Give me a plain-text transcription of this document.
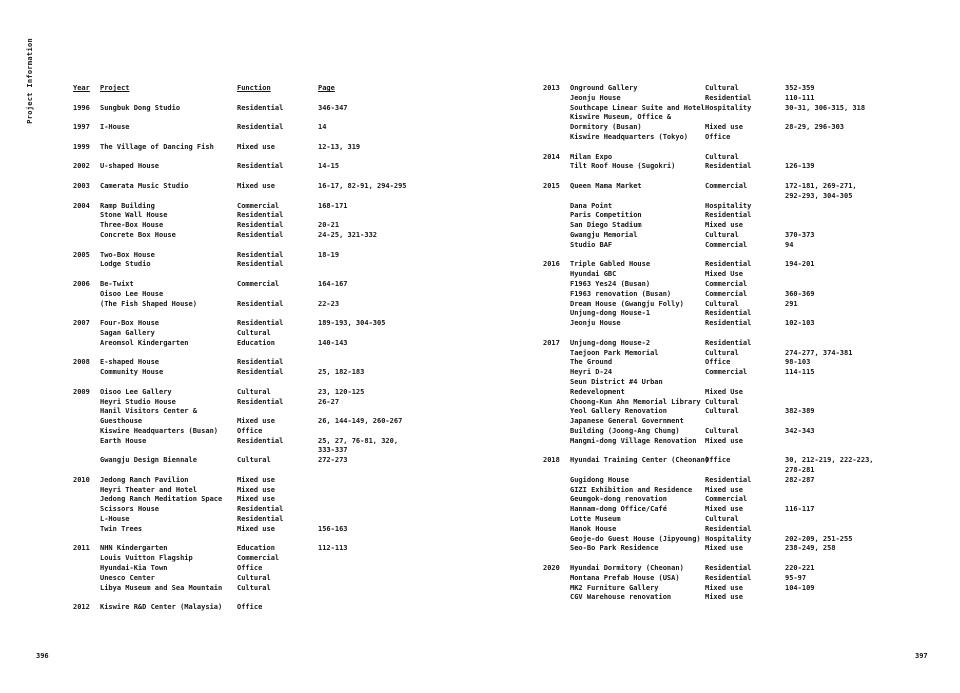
Project Information	Year	Project	Function	Page
1996	Sungbuk Dong Studio	Residential	346-347
1997	I-House	Residential	14
1999	The Village of Dancing Fish	Mixed use	12-13, 319
2002	U-shaped House	Residential	14-15
2003	Camerata Music Studio	Mixed use	16-17, 82-91, 294-295
2004	Ramp Building	Commercial	168-171
Stone Wall House	Residential
Three-Box House	Residential	20-21
Concrete Box House	Residential	24-25, 321-332
2005	Two-Box House	Residential	18-19
Lodge Studio	Residential
2006	Be-Twixt	Commercial	164-167
Oisoo Lee House
(The Fish Shaped House)	Residential	22-23
2007	Four-Box House	Residential	189-193, 304-305
Sagan Gallery	Cultural
Areomsol Kindergarten	Education	140-143
2008	E-shaped House	Residential
Community House	Residential	25, 182-183
2009	Oisoo Lee Gallery	Cultural	23, 120-125
Heyri Studio House	Residential	26-27
Hanil Visitors Center &
Guesthouse	Mixed use	26, 144-149, 260-267
Kiswire Headquarters (Busan)	Office
Earth House	Residential	25, 27, 76-81, 320,
333-337
Gwangju Design Biennale	Cultural	272-273
2010	Jedong Ranch Pavilion	Mixed use
Heyri Theater and Hotel	Mixed use
Jedong Ranch Meditation Space	Mixed use
Scissors House	Residential
L-House	Residential
Twin Trees	Mixed use	156-163
2011	NHN Kindergarten	Education	112-113
Louis Vuitton Flagship	Commercial
Hyundai-Kia Town	Office
Unesco Center	Cultural
Libya Museum and Sea Mountain	Cultural
2012	Kiswire R&D Center (Malaysia)	Office
2013	Onground Gallery	Cultural	352-359
Jeonju House	Residential	110-111
Southcape Linear Suite and Hotel Hospitality	30-31, 306-315, 318
Kiswire Museum, Office &
Dormitory (Busan)	Mixed use	28-29, 296-303
Kiswire Headquarters (Tokyo)	Office
2014	Milan Expo	Cultural
Tilt Roof House (Sugokri)	Residential	126-139
2015	Queen Mama Market	Commercial	172-181, 269-271,
292-293, 304-305
Dana Point	Hospitality
Paris Competition	Residential
San Diego Stadium	Mixed use
Gwangju Memorial	Cultural	370-373
Studio BAF	Commercial	94
2016	Triple Gabled House	Residential	194-201
Hyundai GBC	Mixed Use
F1963 Yes24 (Busan)	Commercial
F1963 renovation (Busan)	Commercial	360-369
Dream House (Gwangju Folly)	Cultural	291
Unjung-dong House-1	Residential
Jeonju House	Residential	102-103
2017	Unjung-dong House-2	Residential
Taejoon Park Memorial	Cultural	274-277, 374-381
The Ground	Office	98-103
Heyri D-24	Commercial	114-115
Seun District #4 Urban
Redevelopment	Mixed Use
Choong-Kun Ahn Memorial Library Cultural
Yeol Gallery Renovation	Cultural	382-389
Japanese General Government
Building (Joong-Ang Chung)	Cultural	342-343
Mangmi-dong Village Renovation	Mixed use
2018	Hyundai Training Center (Cheonan)
Office	30, 212-219, 222-223,
278-281
Gugidong House	Residential	282-287
GIZI Exhibition and Residence	Mixed use
Geumgok-dong renovation	Commercial
Hannam-dong Office/Café	Mixed use	116-117
Lotte Museum	Cultural
Hanok House	Residential
Geoje-do Guest House (Jipyoung) Hospitality	202-209, 251-255
Seo-Bo Park Residence	Mixed use	238-249, 258
2020	Hyundai Dormitory (Cheonan)	Residential	220-221
Montana Prefab House (USA)	Residential	95-97
MK2 Furniture Gallery	Mixed use	104-109
CGV Warehouse renovation	Mixed use
396	397
